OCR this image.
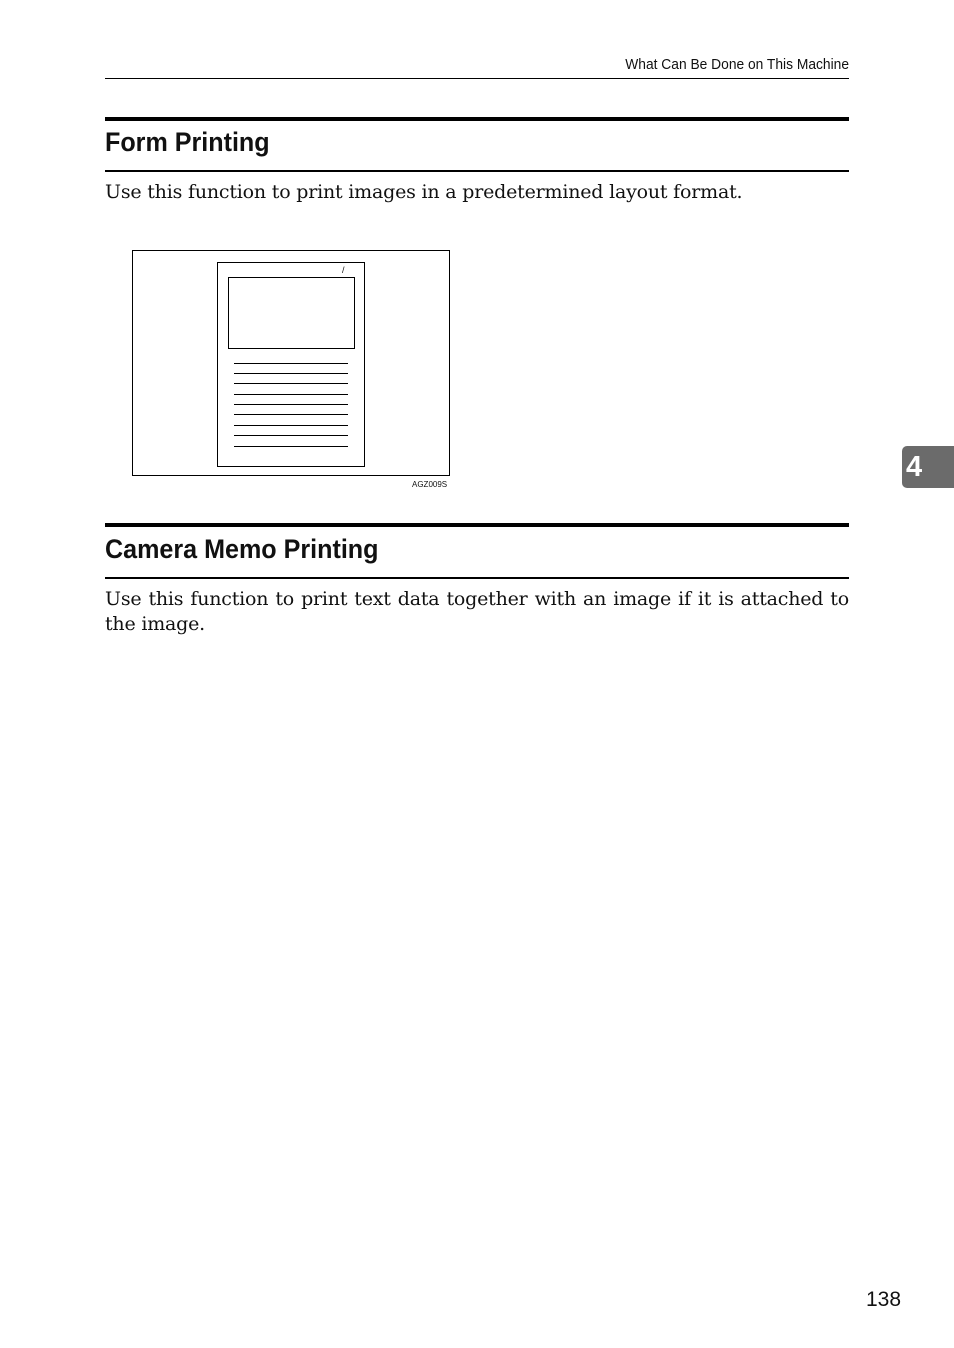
What Can Be Done on This Machine
Form Printing
Use this function to print images in a predetermined layout format.
/
AGZ009S
Camera Memo Printing
Use this function to print text data together with an image if it is attached to the image.
4
138
